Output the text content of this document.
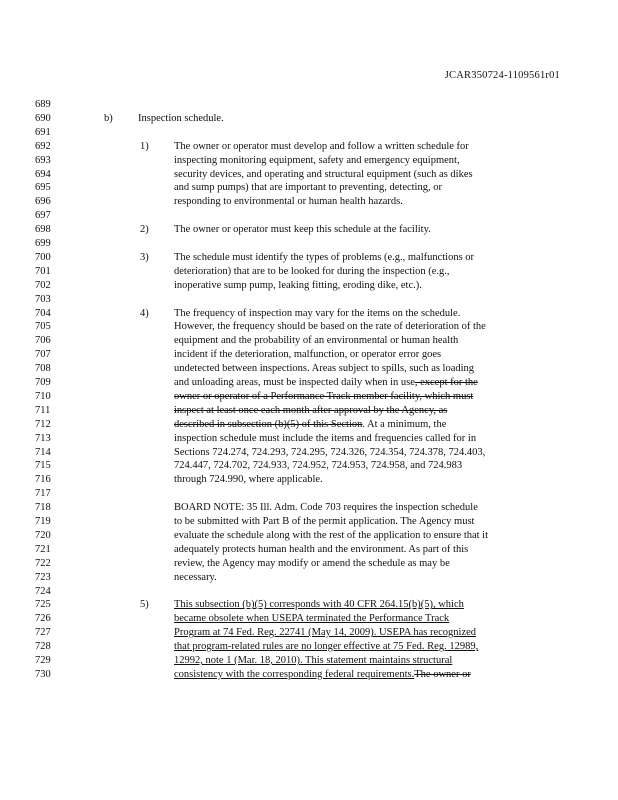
JCAR350724-1109561r01
689
690	b) Inspection schedule.
691
692	1) The owner or operator must develop and follow a written schedule for
693	inspecting monitoring equipment, safety and emergency equipment,
694	security devices, and operating and structural equipment (such as dikes
695	and sump pumps) that are important to preventing, detecting, or
696	responding to environmental or human health hazards.
697
698	2) The owner or operator must keep this schedule at the facility.
699
700	3) The schedule must identify the types of problems (e.g., malfunctions or
701	deterioration) that are to be looked for during the inspection (e.g.,
702	inoperative sump pump, leaking fitting, eroding dike, etc.).
703
704	4) The frequency of inspection may vary for the items on the schedule.
705	However, the frequency should be based on the rate of deterioration of the
706	equipment and the probability of an environmental or human health
707	incident if the deterioration, malfunction, or operator error goes
708	undetected between inspections. Areas subject to spills, such as loading
709	and unloading areas, must be inspected daily when in use, except for the
710	owner or operator of a Performance Track member facility, which must
711	inspect at least once each month after approval by the Agency, as
712	described in subsection (b)(5) of this Section. At a minimum, the
713	inspection schedule must include the items and frequencies called for in
714	Sections 724.274, 724.293, 724.295, 724.326, 724.354, 724.378, 724.403,
715	724.447, 724.702, 724.933, 724.952, 724.953, 724.958, and 724.983
716	through 724.990, where applicable.
717
718	BOARD NOTE: 35 Ill. Adm. Code 703 requires the inspection schedule
719	to be submitted with Part B of the permit application. The Agency must
720	evaluate the schedule along with the rest of the application to ensure that it
721	adequately protects human health and the environment. As part of this
722	review, the Agency may modify or amend the schedule as may be
723	necessary.
724
725	5) This subsection (b)(5) corresponds with 40 CFR 264.15(b)(5), which
726	became obsolete when USEPA terminated the Performance Track
727	Program at 74 Fed. Reg. 22741 (May 14, 2009). USEPA has recognized
728	that program-related rules are no longer effective at 75 Fed. Reg. 12989,
729	12992, note 1 (Mar. 18, 2010). This statement maintains structural
730	consistency with the corresponding federal requirements.The owner or
